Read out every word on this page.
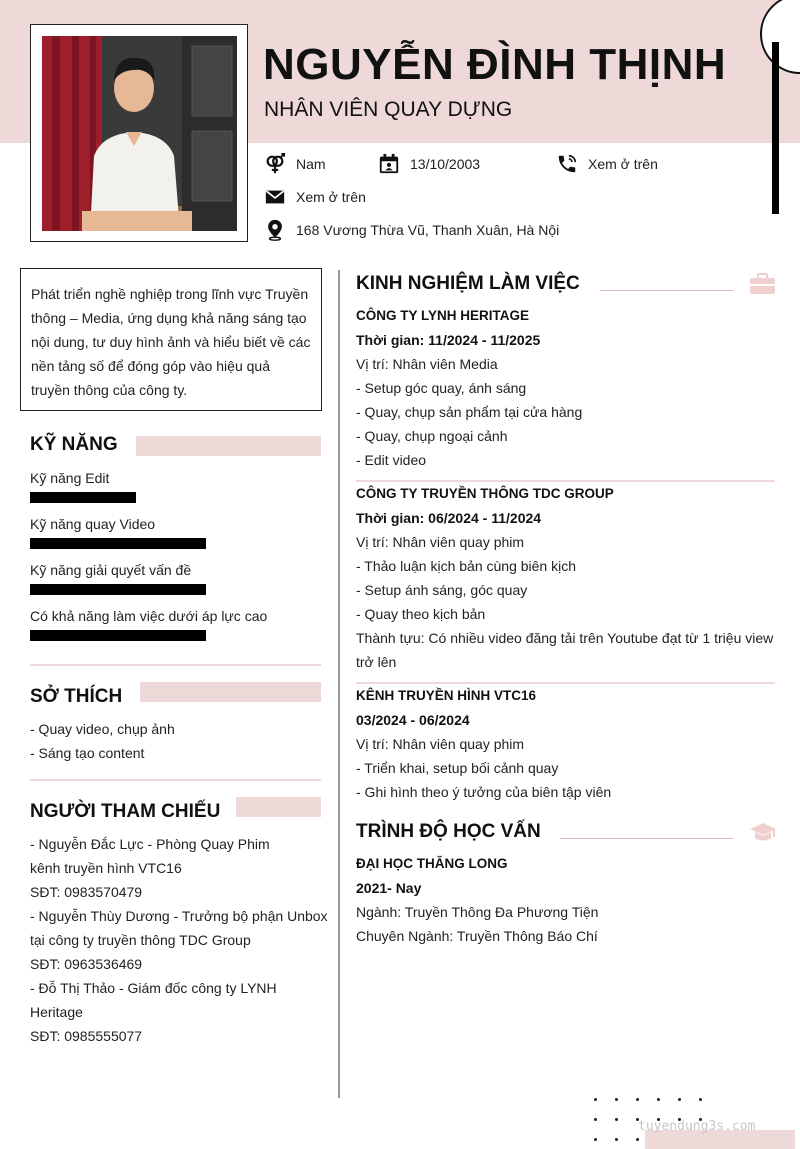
NGUYỄN ĐÌNH THỊNH
NHÂN VIÊN QUAY DỰNG
Nam	13/10/2003	Xem ở trên
Xem ở trên
168 Vương Thừa Vũ, Thanh Xuân, Hà Nội
Phát triển nghề nghiệp trong lĩnh vực Truyền thông – Media, ứng dụng khả năng sáng tạo nội dung, tư duy hình ảnh và hiểu biết về các nền tảng số để đóng góp vào hiệu quả truyền thông của công ty.
KỸ NĂNG
Kỹ năng Edit
Kỹ năng quay Video
Kỹ năng giải quyết vấn đề
Có khả năng làm việc dưới áp lực cao
SỞ THÍCH
- Quay video, chụp ảnh
- Sáng tạo content
NGƯỜI THAM CHIẾU
- Nguyễn Đắc Lực - Phòng Quay Phim
kênh truyền hình VTC16
SĐT: 0983570479
- Nguyễn Thùy Dương - Trưởng bộ phận Unbox
tại công ty truyền thông TDC Group
SĐT: 0963536469
- Đỗ Thị Thảo - Giám đốc công ty LYNH
Heritage
SĐT: 0985555077
KINH NGHIỆM LÀM VIỆC
CÔNG TY LYNH HERITAGE
Thời gian: 11/2024 - 11/2025
Vị trí: Nhân viên Media
- Setup góc quay, ánh sáng
- Quay, chụp sản phẩm tại cửa hàng
- Quay, chụp ngoại cảnh
- Edit video
CÔNG TY TRUYỀN THÔNG TDC GROUP
Thời gian: 06/2024 - 11/2024
Vị trí: Nhân viên quay phim
- Thảo luận kịch bản cùng biên kịch
- Setup ánh sáng, góc quay
- Quay theo kịch bản
Thành tựu: Có nhiều video đăng tải trên Youtube đạt từ 1 triệu view trở lên
KÊNH TRUYỀN HÌNH VTC16
03/2024 - 06/2024
Vị trí: Nhân viên quay phim
- Triển khai, setup bối cảnh quay
- Ghi hình theo ý tưởng của biên tập viên
TRÌNH ĐỘ HỌC VẤN
ĐẠI HỌC THĂNG LONG
2021- Nay
Ngành: Truyền Thông Đa Phương Tiện
Chuyên Ngành: Truyền Thông Báo Chí
tuyendung3s.com
